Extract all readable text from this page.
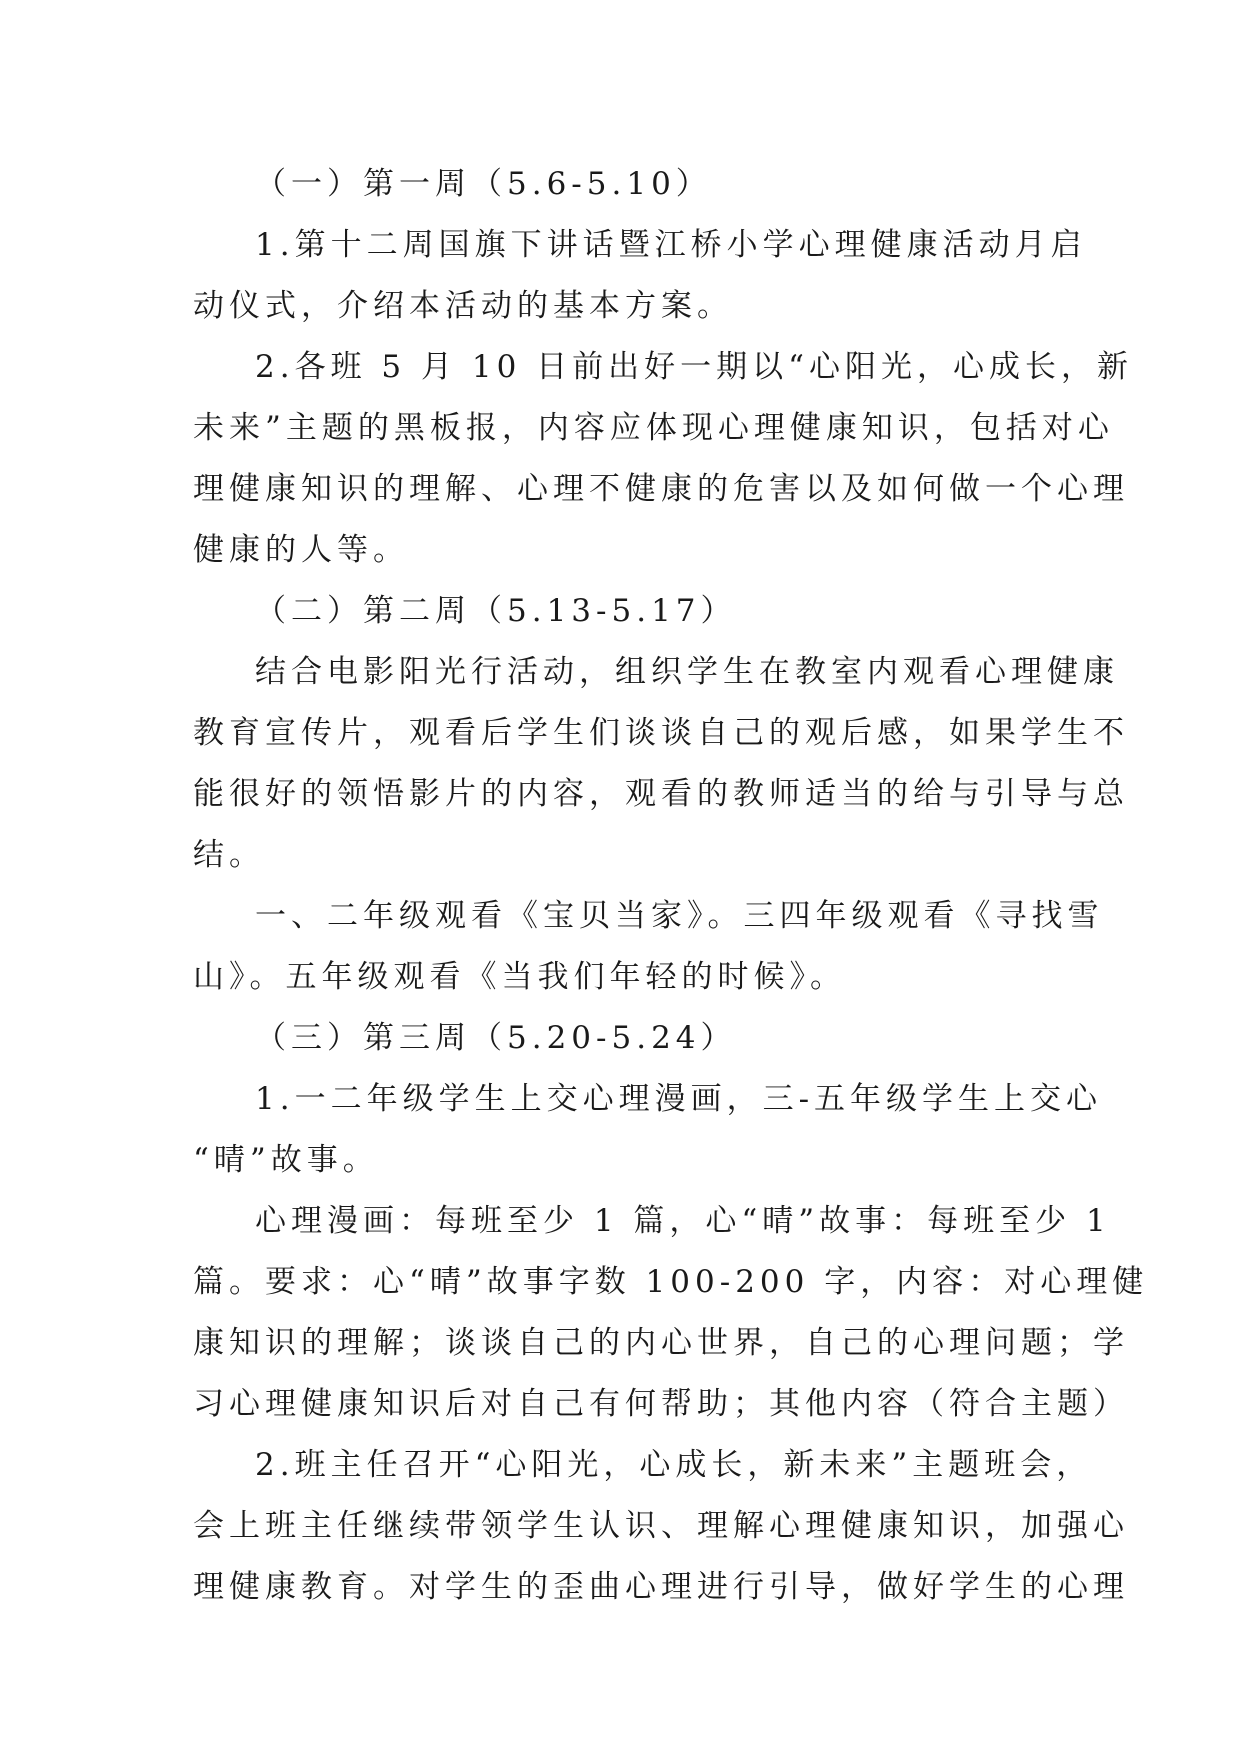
（一）第一周（5.6-5.10）
1.第十二周国旗下讲话暨江桥小学心理健康活动月启
动仪式，介绍本活动的基本方案。
2.各班 5 月 10 日前出好一期以“心阳光，心成长，新
未来”主题的黑板报，内容应体现心理健康知识，包括对心
理健康知识的理解、心理不健康的危害以及如何做一个心理
健康的人等。
（二）第二周（5.13-5.17）
结合电影阳光行活动，组织学生在教室内观看心理健康
教育宣传片，观看后学生们谈谈自己的观后感，如果学生不
能很好的领悟影片的内容，观看的教师适当的给与引导与总
结。
一、二年级观看《宝贝当家》。三四年级观看《寻找雪
山》。五年级观看《当我们年轻的时候》。
（三）第三周（5.20-5.24）
1.一二年级学生上交心理漫画，三-五年级学生上交心
“晴”故事。
心理漫画：每班至少 1 篇，心“晴”故事：每班至少 1
篇。要求：心“晴”故事字数 100-200 字，内容：对心理健
康知识的理解；谈谈自己的内心世界，自己的心理问题；学
习心理健康知识后对自己有何帮助；其他内容（符合主题）
2.班主任召开“心阳光，心成长，新未来”主题班会，
会上班主任继续带领学生认识、理解心理健康知识，加强心
理健康教育。对学生的歪曲心理进行引导，做好学生的心理
